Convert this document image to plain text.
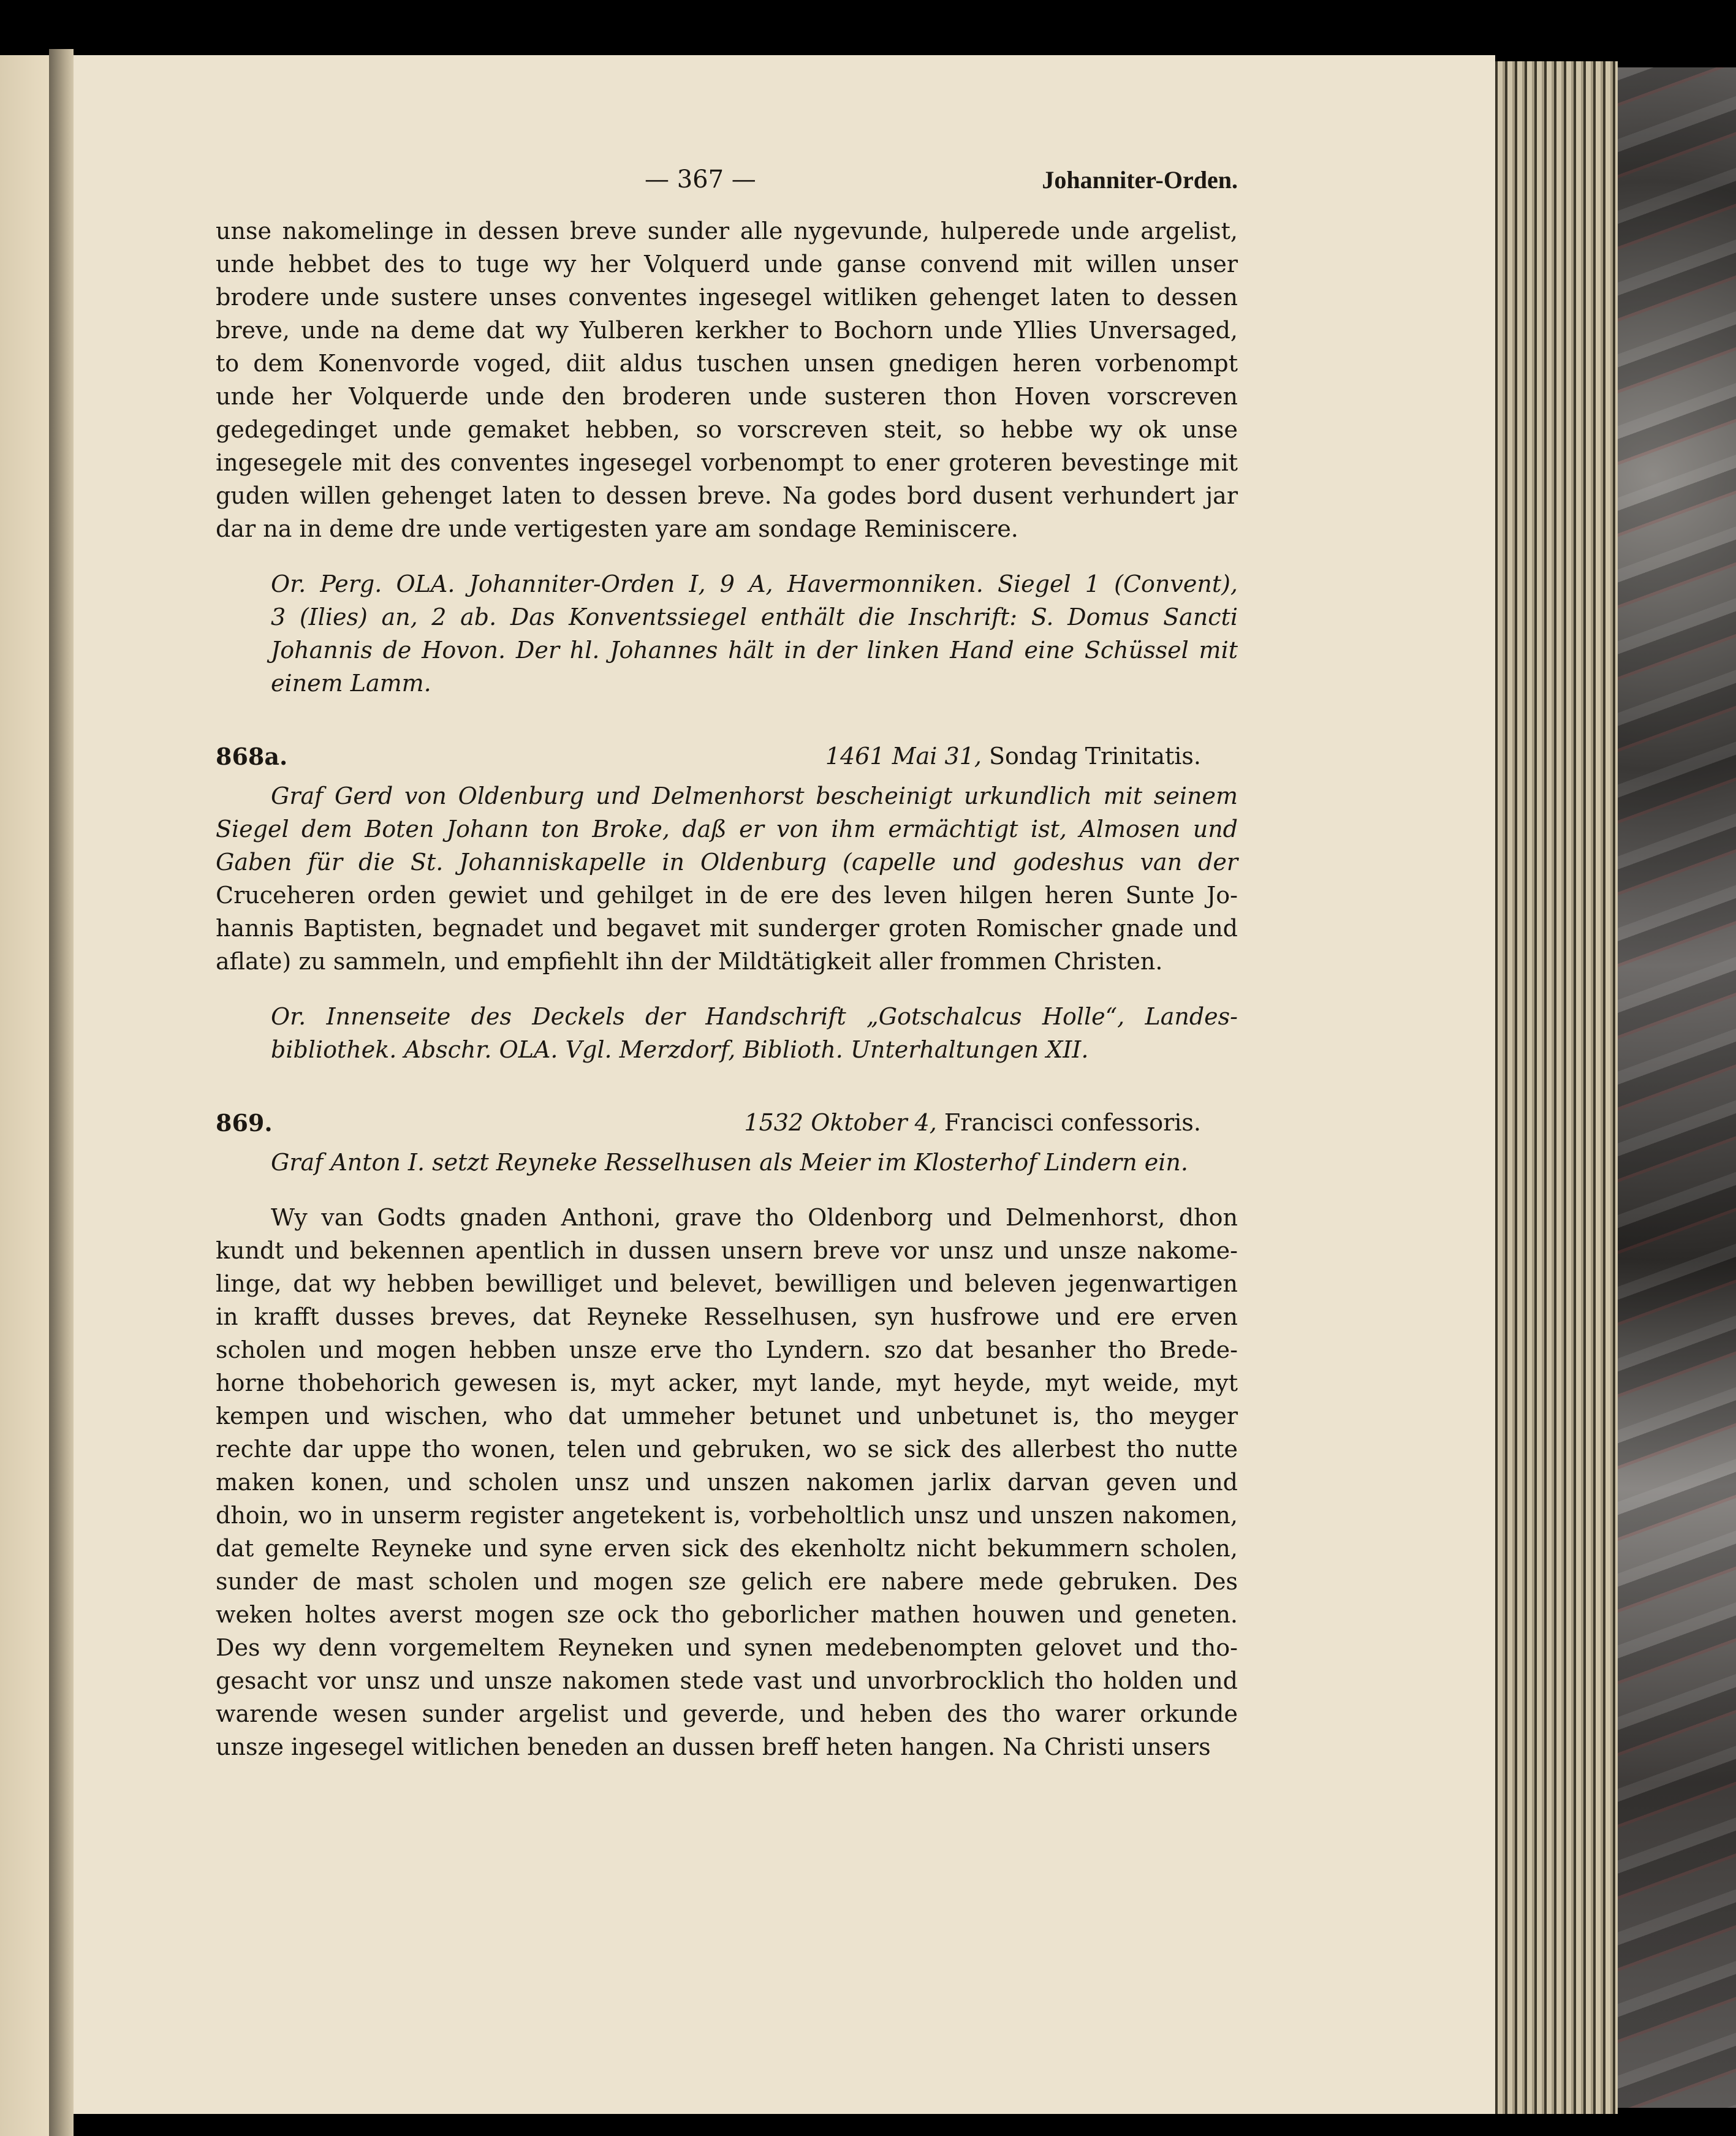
— 367 —	Johanniter-Orden.
unse nakomelinge in dessen breve sunder alle nygevunde, hulperede unde argelist,
unde hebbet des to tuge wy her Volquerd unde ganse convend mit willen unser
brodere unde sustere unses conventes ingesegel witliken gehenget laten to dessen
breve, unde na deme dat wy Yulberen kerkher to Bochorn unde Yllies Unversaged,
to dem Konenvorde voged, diit aldus tuschen unsen gnedigen heren vorbenompt
unde her Volquerde unde den broderen unde susteren thon Hoven vorscreven
gedegedinget unde gemaket hebben, so vorscreven steit, so hebbe wy ok unse
ingesegele mit des conventes ingesegel vorbenompt to ener groteren bevestinge mit
guden willen gehenget laten to dessen breve. Na godes bord dusent verhundert jar
dar na in deme dre unde vertigesten yare am sondage Reminiscere.
Or. Perg. OLA. Johanniter-Orden I, 9 A, Havermonniken. Siegel 1 (Convent),
3 (Ilies) an, 2 ab. Das Konventssiegel enthält die Inschrift: S. Domus Sancti
Johannis de Hovon. Der hl. Johannes hält in der linken Hand eine Schüssel mit
einem Lamm.
868a.	1461 Mai 31, Sondag Trinitatis.
Graf Gerd von Oldenburg und Delmenhorst bescheinigt urkundlich mit seinem
Siegel dem Boten Johann ton Broke, daß er von ihm ermächtigt ist, Almosen und
Gaben für die St. Johanniskapelle in Oldenburg (capelle und godeshus van der
Cruceheren orden gewiet und gehilget in de ere des leven hilgen heren Sunte Jo-
hannis Baptisten, begnadet und begavet mit sunderger groten Romischer gnade und
aflate) zu sammeln, und empfiehlt ihn der Mildtätigkeit aller frommen Christen.
Or. Innenseite des Deckels der Handschrift „Gotschalcus Holle“, Landes-
bibliothek. Abschr. OLA. Vgl. Merzdorf, Biblioth. Unterhaltungen XII.
869.	1532 Oktober 4, Francisci confessoris.
Graf Anton I. setzt Reyneke Resselhusen als Meier im Klosterhof Lindern ein.
Wy van Godts gnaden Anthoni, grave tho Oldenborg und Delmenhorst, dhon
kundt und bekennen apentlich in dussen unsern breve vor unsz und unsze nakome-
linge, dat wy hebben bewilliget und belevet, bewilligen und beleven jegenwartigen
in krafft dusses breves, dat Reyneke Resselhusen, syn husfrowe und ere erven
scholen und mogen hebben unsze erve tho Lyndern. szo dat besanher tho Brede-
horne thobehorich gewesen is, myt acker, myt lande, myt heyde, myt weide, myt
kempen und wischen, who dat ummeher betunet und unbetunet is, tho meyger
rechte dar uppe tho wonen, telen und gebruken, wo se sick des allerbest tho nutte
maken konen, und scholen unsz und unszen nakomen jarlix darvan geven und
dhoin, wo in unserm register angetekent is, vorbeholtlich unsz und unszen nakomen,
dat gemelte Reyneke und syne erven sick des ekenholtz nicht bekummern scholen,
sunder de mast scholen und mogen sze gelich ere nabere mede gebruken. Des
weken holtes averst mogen sze ock tho geborlicher mathen houwen und geneten.
Des wy denn vorgemeltem Reyneken und synen medebenompten gelovet und tho-
gesacht vor unsz und unsze nakomen stede vast und unvorbrocklich tho holden und
warende wesen sunder argelist und geverde, und heben des tho warer orkunde
unsze ingesegel witlichen beneden an dussen breff heten hangen. Na Christi unsers
